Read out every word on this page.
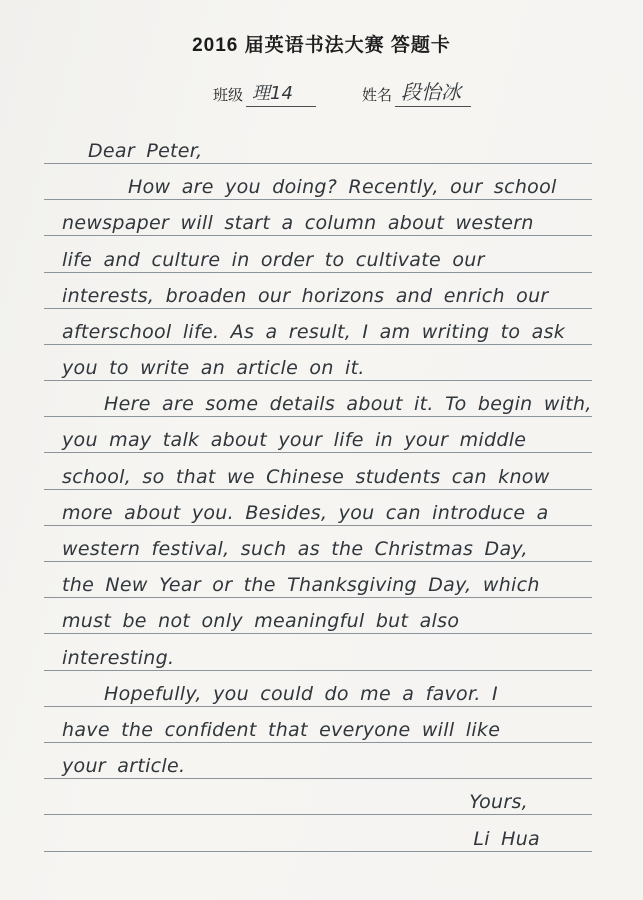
2016 届英语书法大赛 答题卡
班级 理14	姓名 段怡冰
Dear Peter,
How are you doing? Recently, our school
newspaper will start a column about western
life and culture in order to cultivate our
interests, broaden our horizons and enrich our
afterschool life. As a result, I am writing to ask
you to write an article on it.
Here are some details about it. To begin with,
you may talk about your life in your middle
school, so that we Chinese students can know
more about you. Besides, you can introduce a
western festival, such as the Christmas Day,
the New Year or the Thanksgiving Day, which
must be not only meaningful but also
interesting.
Hopefully, you could do me a favor. I
have the confident that everyone will like
your article.
Yours,
Li Hua
